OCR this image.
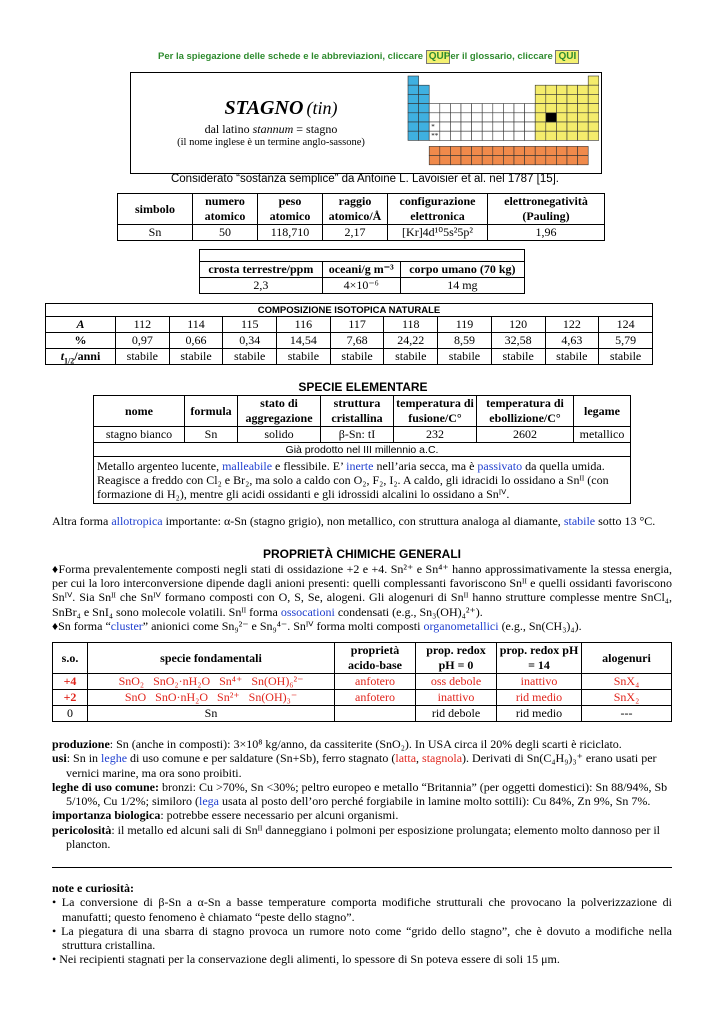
Per la spiegazione delle schede e le abbreviazioni, cliccare QUI
Per il glossario, cliccare QUI
STAGNO (tin)
dal latino stannum = stagno
(il nome inglese è un termine anglo-sassone)
*
**
Considerato “sostanza semplice” da Antoine L. Lavoisier et al. nel 1787 [15].
simbolo	numero atomico	peso atomico	raggio atomico/Å	configurazione elettronica	elettronegatività (Pauling)
Sn	50	118,710	2,17	[Kr]4d¹⁰5s²5p²	1,96

crosta terrestre/ppm	oceani/g m⁻³	corpo umano (70 kg)
2,3	4×10⁻⁶	14 mg
COMPOSIZIONE ISOTOPICA NATURALE										
A	112	114	115	116	117	118	119	120	122	124
%	0,97	0,66	0,34	14,54	7,68	24,22	8,59	32,58	4,63	5,79
$t_{1/2}$/anni	stabile	stabile	stabile	stabile	stabile	stabile	stabile	stabile	stabile	stabile
SPECIE ELEMENTARE
nome	formula	stato di aggregazione	struttura cristallina	temperatura di fusione/C°	temperatura di ebollizione/C°	legame
stagno bianco	Sn	solido	β-Sn: tI	232	2602	metallico
Già prodotto nel III millennio a.C.						
Metallo argenteo lucente, malleabile e flessibile. E’ inerte nell’aria secca, ma è passivato da quella umida.
Reagisce a freddo con Cl₂ e Br₂, ma solo a caldo con O₂, F₂, I₂. A caldo, gli idracidi lo ossidano a Snᴵᴵ (con formazione di H₂), mentre gli acidi ossidanti e gli idrossidi alcalini lo ossidano a Snᴵⱽ.						
Altra forma allotropica importante: α-Sn (stagno grigio), non metallico, con struttura analoga al diamante, stabile sotto 13 °C.
PROPRIETÀ CHIMICHE GENERALI
♦Forma prevalentemente composti negli stati di ossidazione +2 e +4. Sn²⁺ e Sn⁴⁺ hanno approssimativamente la stessa energia, per cui la loro interconversione dipende dagli anioni presenti: quelli complessanti favoriscono Snᴵᴵ e quelli ossidanti favoriscono Snᴵⱽ. Sia Snᴵᴵ che Snᴵⱽ formano composti con O, S, Se, alogeni. Gli alogenuri di Snᴵᴵ hanno strutture complesse mentre SnCl₄, SnBr₄ e SnI₄ sono molecole volatili. Snᴵᴵ forma ossocationi condensati (e.g., Sn₃(OH)₄²⁺).
♦Sn forma “cluster” anionici come Sn₉²⁻ e Sn₉⁴⁻. Snᴵⱽ forma molti composti organometallici (e.g., Sn(CH₃)₄).
s.o.	specie fondamentali	proprietà acido-base	prop. redox pH = 0	prop. redox pH = 14	alogenuri
+4	SnO₂   SnO₂·nH₂O   Sn⁴⁺   Sn(OH)₆²⁻	anfotero	oss debole	inattivo	SnX₄
+2	SnO   SnO·nH₂O   Sn²⁺   Sn(OH)₃⁻	anfotero	inattivo	rid medio	SnX₂
0	Sn		rid debole	rid medio	---

produzione: Sn (anche in composti): 3×10⁸ kg/anno, da cassiterite (SnO₂). In USA circa il 20% degli scarti è riciclato.

usi: Sn in leghe di uso comune e per saldature (Sn+Sb), ferro stagnato (latta, stagnola). Derivati di Sn(C₄H₉)₃⁺ erano usati per vernici marine, ma ora sono proibiti.

leghe di uso comune: bronzi: Cu >70%, Sn <30%; peltro europeo e metallo “Britannia” (per oggetti domestici): Sn 88/94%, Sb 5/10%, Cu 1/2%; similoro (lega usata al posto dell’oro perché forgiabile in lamine molto sottili): Cu 84%, Zn 9%, Sn 7%.

importanza biologica: potrebbe essere necessario per alcuni organismi.

pericolosità: il metallo ed alcuni sali di Snᴵᴵ danneggiano i polmoni per esposizione prolungata; elemento molto dannoso per il plancton.

note e curiosità:

• La conversione di β-Sn a α-Sn a basse temperature comporta modifiche strutturali che provocano la polverizzazione di manufatti; questo fenomeno è chiamato “peste dello stagno”.

• La piegatura di una sbarra di stagno provoca un rumore noto come “grido dello stagno”, che è dovuto a modifiche nella struttura cristallina.

• Nei recipienti stagnati per la conservazione degli alimenti, lo spessore di Sn poteva essere di soli 15 μm.
